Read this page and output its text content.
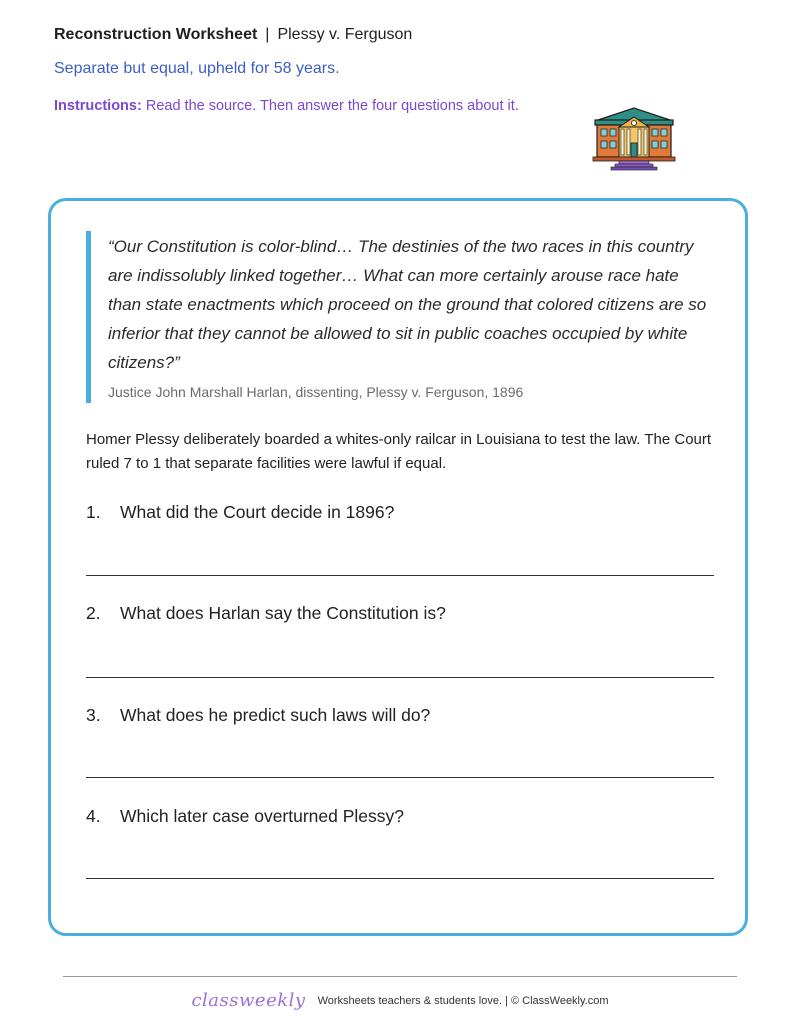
Reconstruction Worksheet | Plessy v. Ferguson
Separate but equal, upheld for 58 years.
Instructions: Read the source. Then answer the four questions about it.
“Our Constitution is color-blind… The destinies of the two races in this country are indissolubly linked together… What can more certainly arouse race hate than state enactments which proceed on the ground that colored citizens are so inferior that they cannot be allowed to sit in public coaches occupied by white citizens?”
Justice John Marshall Harlan, dissenting, Plessy v. Ferguson, 1896
Homer Plessy deliberately boarded a whites-only railcar in Louisiana to test the law. The Court ruled 7 to 1 that separate facilities were lawful if equal.
1. What did the Court decide in 1896?
2. What does Harlan say the Constitution is?
3. What does he predict such laws will do?
4. Which later case overturned Plessy?
classweekly Worksheets teachers & students love. | © ClassWeekly.com
